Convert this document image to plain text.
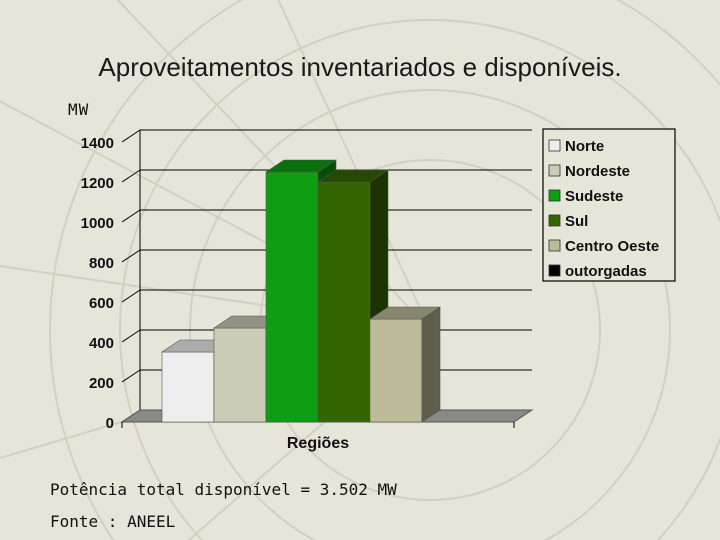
Aproveitamentos inventariados e disponíveis.
MW
0
200
400
600
800
1000
1200
1400
Regiões
Norte
Nordeste
Sudeste
Sul
Centro Oeste
outorgadas
Potência total disponível = 3.502 MW
Fonte : ANEEL
